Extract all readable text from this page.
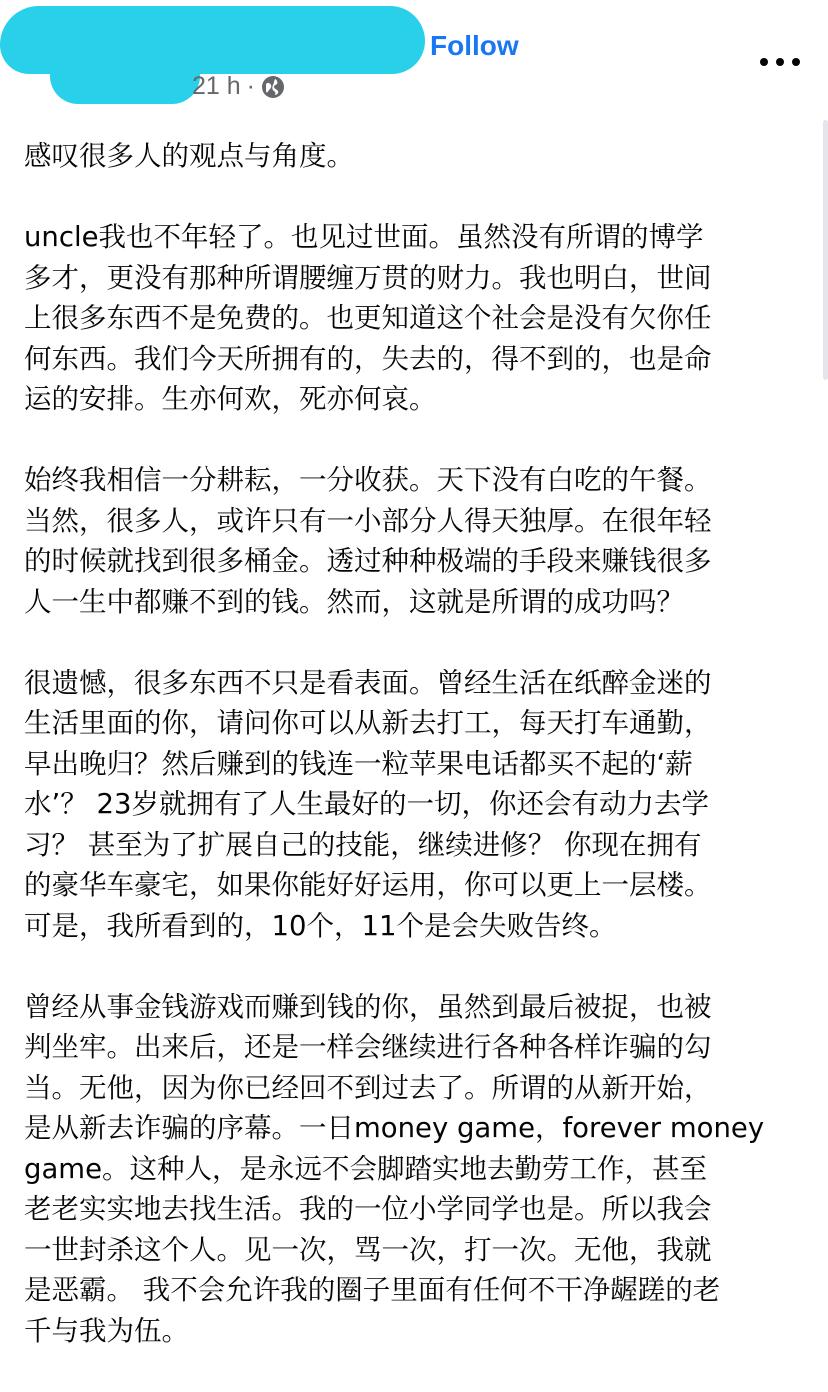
Follow
21 h ·

感叹很多人的观点与角度。

uncle我也不年轻了。也见过世面。虽然没有所谓的博学
多才，更没有那种所谓腰缠万贯的财力。我也明白，世间
上很多东西不是免费的。也更知道这个社会是没有欠你任
何东西。我们今天所拥有的，失去的，得不到的，也是命
运的安排。生亦何欢，死亦何哀。

始终我相信一分耕耘，一分收获。天下没有白吃的午餐。
当然，很多人，或许只有一小部分人得天独厚。在很年轻
的时候就找到很多桶金。透过种种极端的手段来赚钱很多
人一生中都赚不到的钱。然而，这就是所谓的成功吗？

很遗憾，很多东西不只是看表面。曾经生活在纸醉金迷的
生活里面的你，请问你可以从新去打工，每天打车通勤，
早出晚归？然后赚到的钱连一粒苹果电话都买不起的‘薪
水’？ 23岁就拥有了人生最好的一切，你还会有动力去学
习？ 甚至为了扩展自己的技能，继续进修？ 你现在拥有
的豪华车豪宅，如果你能好好运用，你可以更上一层楼。
可是，我所看到的，10个，11个是会失败告终。

曾经从事金钱游戏而赚到钱的你，虽然到最后被捉，也被
判坐牢。出来后，还是一样会继续进行各种各样诈骗的勾
当。无他，因为你已经回不到过去了。所谓的从新开始，
是从新去诈骗的序幕。一日money game，forever money
game。这种人，是永远不会脚踏实地去勤劳工作，甚至
老老实实地去找生活。我的一位小学同学也是。所以我会
一世封杀这个人。见一次，骂一次，打一次。无他，我就
是恶霸。 我不会允许我的圈子里面有任何不干净龌蹉的老
千与我为伍。
